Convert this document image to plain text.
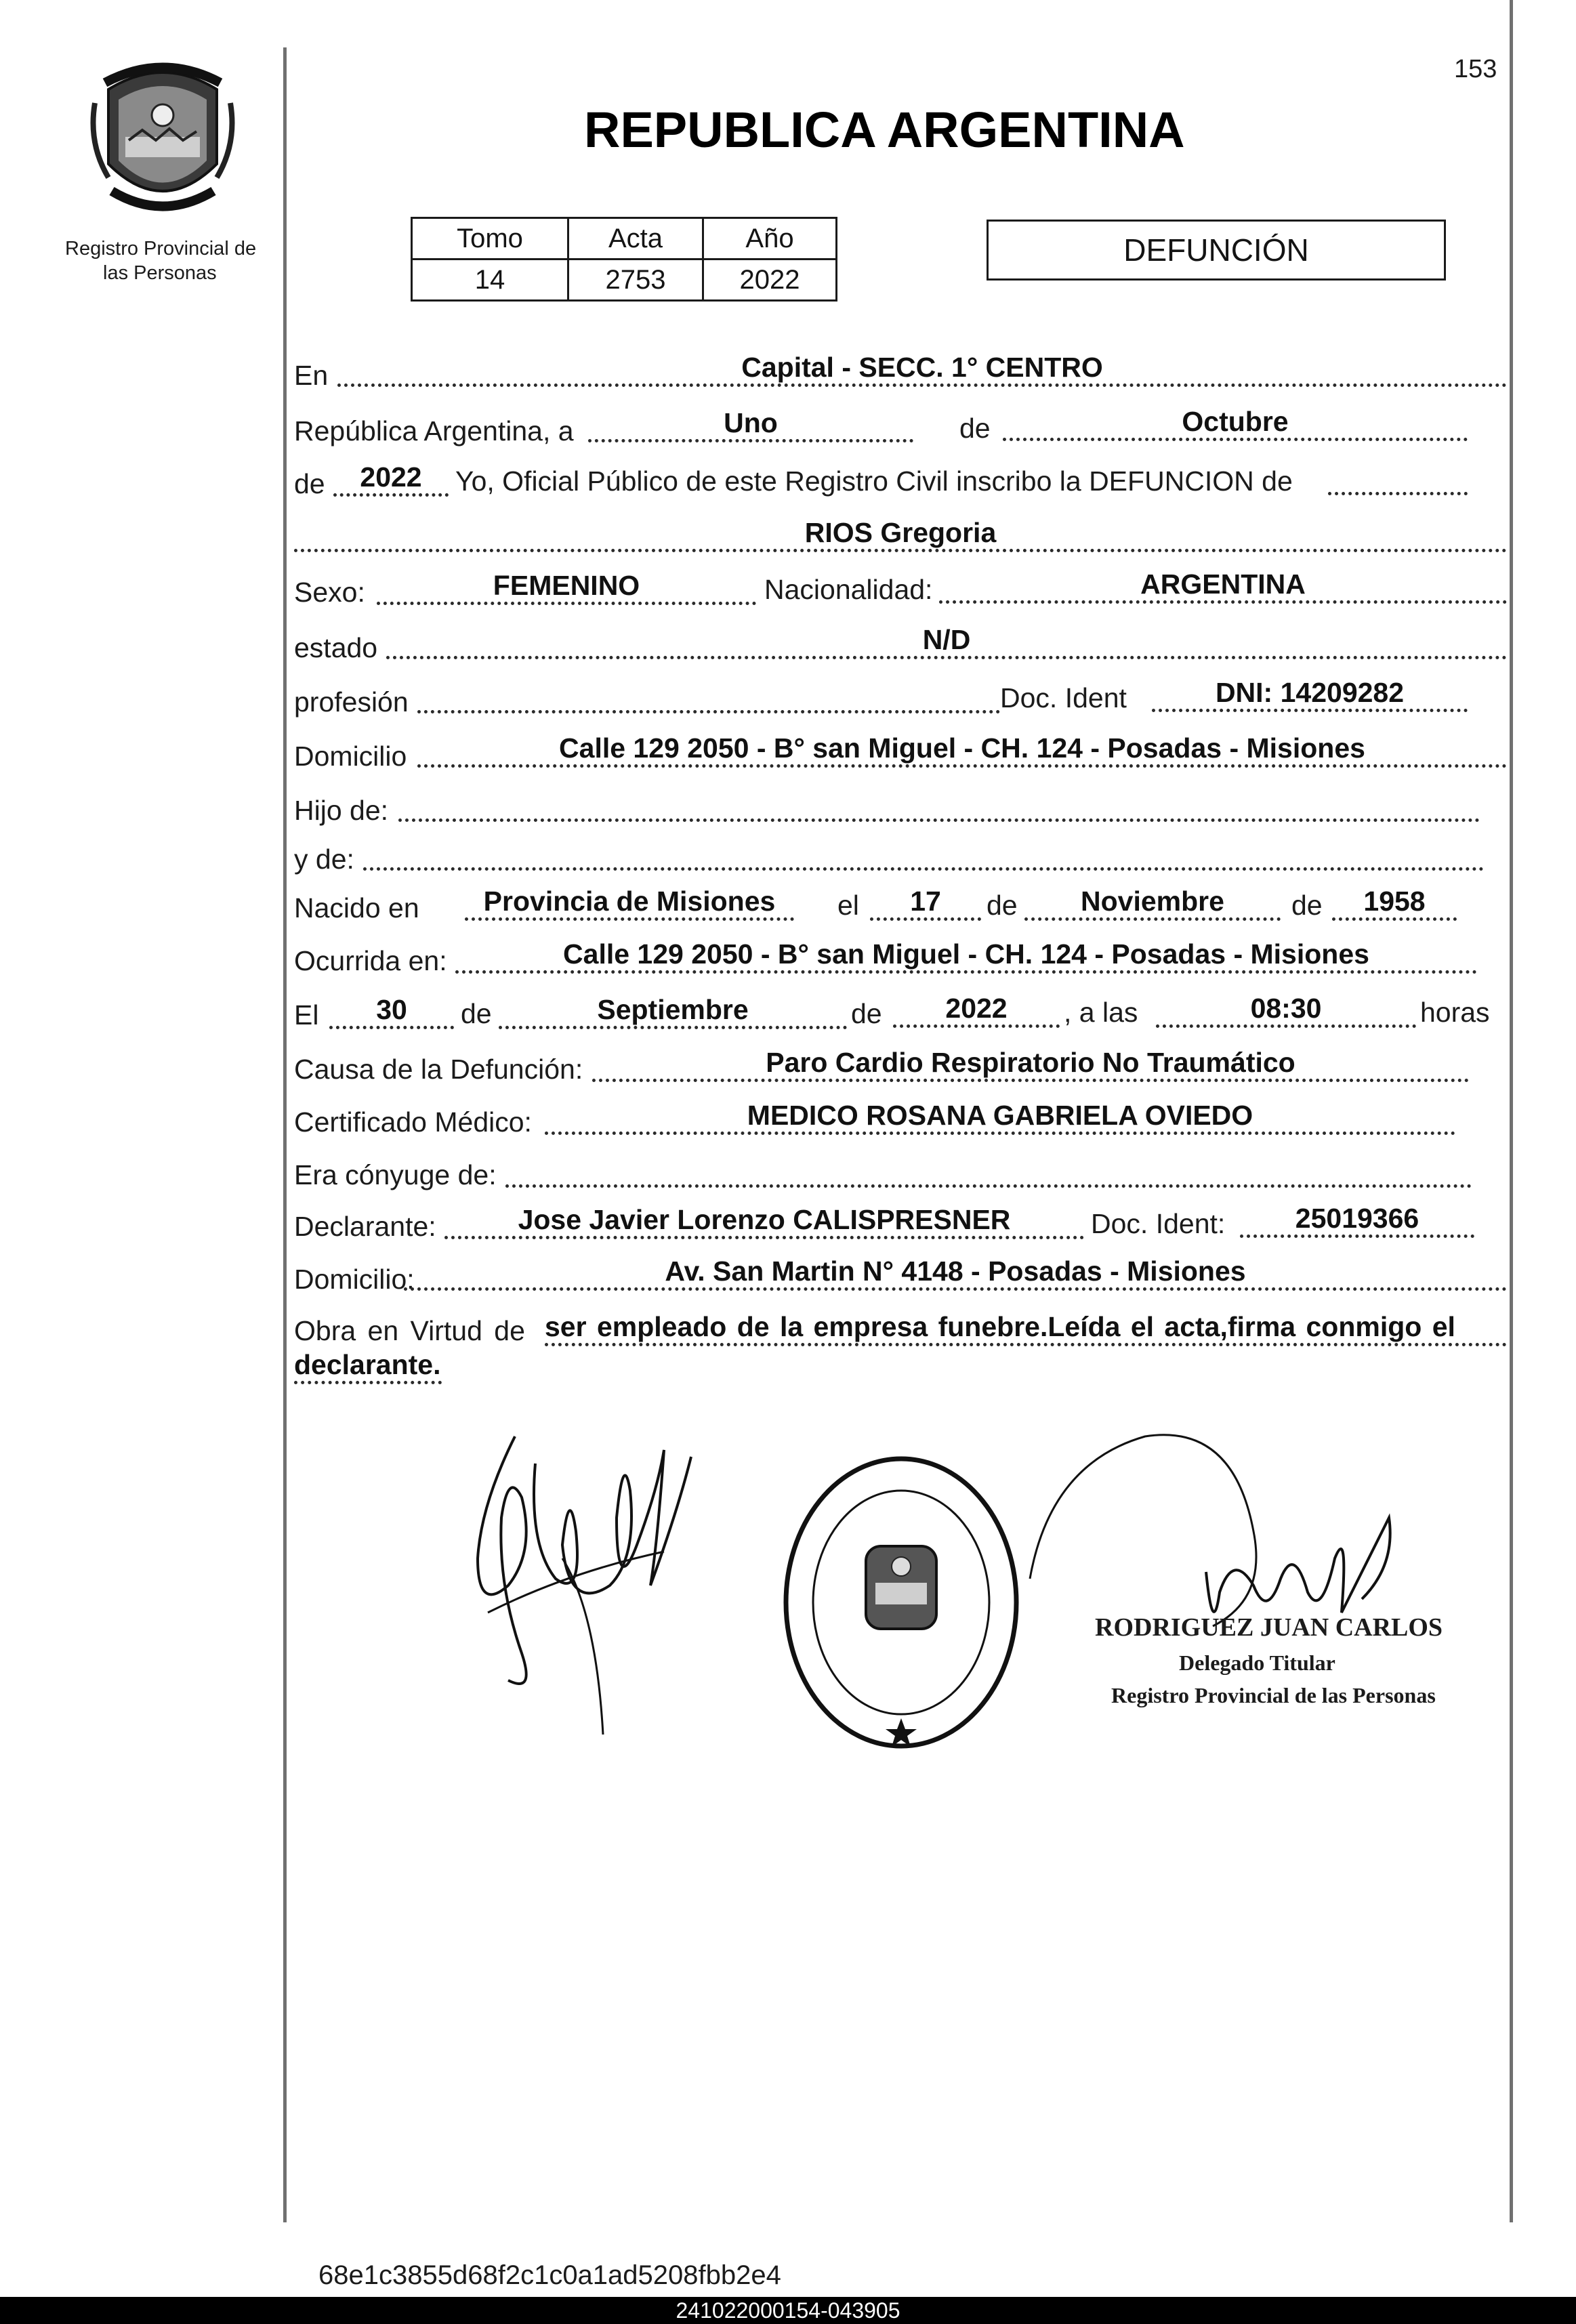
153
Registro Provincial de
las Personas
REPUBLICA ARGENTINA
Tomo	Acta	Año
14	2753	2022
DEFUNCIÓN
En	Capital - SECC. 1° CENTRO
República Argentina, a	Uno	de	Octubre
de	2022	Yo, Oficial Público de este Registro Civil inscribo la DEFUNCION de
RIOS Gregoria
Sexo:	FEMENINO	Nacionalidad:	ARGENTINA
estado	N/D
profesión	Doc. Ident	DNI: 14209282
Domicilio	Calle 129 2050 - B° san Miguel - CH. 124 - Posadas - Misiones
Hijo de:
y de:
Nacido en	Provincia de Misiones	el	17	de	Noviembre	de	1958
Ocurrida en:	Calle 129 2050 - B° san Miguel - CH. 124 - Posadas - Misiones
El	30	de	Septiembre	de	2022	, a las	08:30	horas
Causa de la Defunción:	Paro Cardio Respiratorio No Traumático
Certificado Médico:	MEDICO ROSANA GABRIELA OVIEDO
Era cónyuge de:
Declarante:	Jose Javier Lorenzo CALISPRESNER	Doc. Ident:	25019366
Domicilio:	Av. San Martin N° 4148 - Posadas - Misiones
Obra en Virtud de ser empleado de la empresa funebre.Leída el acta,firma conmigo el
declarante.
RODRIGUEZ JUAN CARLOS
Delegado Titular
Registro Provincial de las Personas
68e1c3855d68f2c1c0a1ad5208fbb2e4
241022000154-043905
